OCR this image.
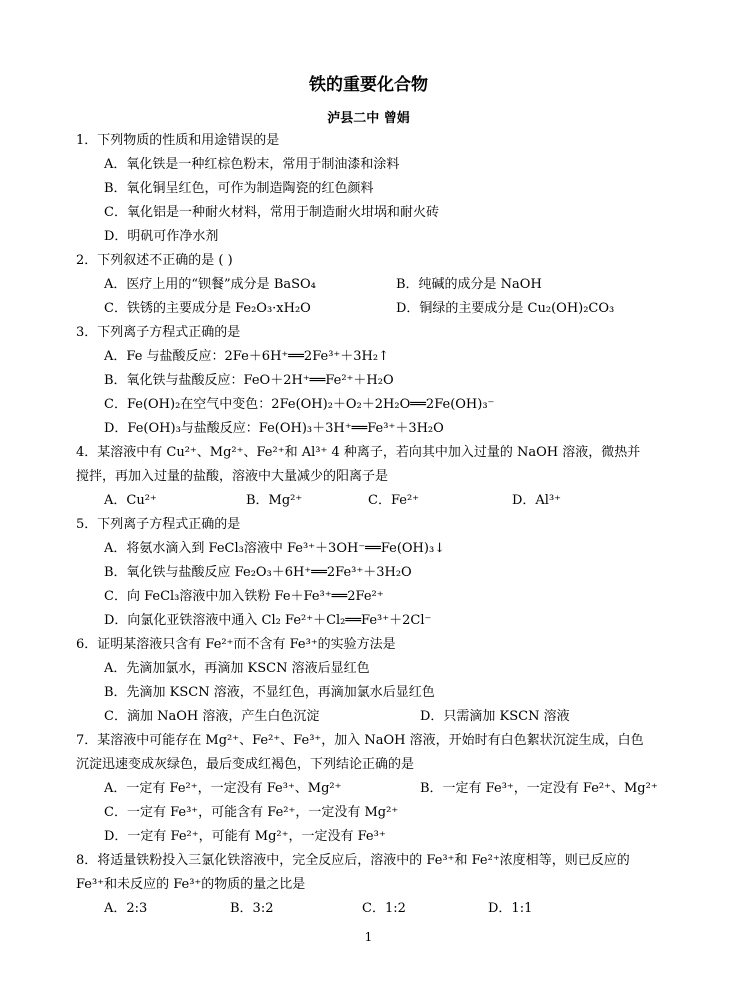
铁的重要化合物
泸县二中 曾娟
1．下列物质的性质和用途错误的是
A．氧化铁是一种红棕色粉末，常用于制油漆和涂料
B．氧化铜呈红色，可作为制造陶瓷的红色颜料
C．氧化铝是一种耐火材料，常用于制造耐火坩埚和耐火砖
D．明矾可作净水剂
2．下列叙述不正确的是 ( )
A．医疗上用的“钡餐”成分是 BaSO₄	B．纯碱的成分是 NaOH
C．铁锈的主要成分是 Fe₂O₃·xH₂O	D．铜绿的主要成分是 Cu₂(OH)₂CO₃
3．下列离子方程式正确的是
A．Fe 与盐酸反应：2Fe＋6H⁺══2Fe³⁺＋3H₂↑
B．氧化铁与盐酸反应：FeO＋2H⁺══Fe²⁺＋H₂O
C．Fe(OH)₂在空气中变色：2Fe(OH)₂＋O₂＋2H₂O══2Fe(OH)₃⁻
D．Fe(OH)₃与盐酸反应：Fe(OH)₃＋3H⁺══Fe³⁺＋3H₂O
4．某溶液中有 Cu²⁺、Mg²⁺、Fe²⁺和 Al³⁺ 4 种离子，若向其中加入过量的 NaOH 溶液，微热并
搅拌，再加入过量的盐酸，溶液中大量减少的阳离子是
A．Cu²⁺	B．Mg²⁺	C．Fe²⁺	D．Al³⁺
5．下列离子方程式正确的是
A．将氨水滴入到 FeCl₃溶液中 Fe³⁺＋3OH⁻══Fe(OH)₃↓
B．氧化铁与盐酸反应 Fe₂O₃＋6H⁺══2Fe³⁺＋3H₂O
C．向 FeCl₃溶液中加入铁粉 Fe＋Fe³⁺══2Fe²⁺
D．向氯化亚铁溶液中通入 Cl₂ Fe²⁺＋Cl₂══Fe³⁺＋2Cl⁻
6．证明某溶液只含有 Fe²⁺而不含有 Fe³⁺的实验方法是
A．先滴加氯水，再滴加 KSCN 溶液后显红色
B．先滴加 KSCN 溶液，不显红色，再滴加氯水后显红色
C．滴加 NaOH 溶液，产生白色沉淀	D．只需滴加 KSCN 溶液
7．某溶液中可能存在 Mg²⁺、Fe²⁺、Fe³⁺，加入 NaOH 溶液，开始时有白色絮状沉淀生成，白色
沉淀迅速变成灰绿色，最后变成红褐色，下列结论正确的是
A．一定有 Fe²⁺，一定没有 Fe³⁺、Mg²⁺	B．一定有 Fe³⁺，一定没有 Fe²⁺、Mg²⁺
C．一定有 Fe³⁺，可能含有 Fe²⁺，一定没有 Mg²⁺
D．一定有 Fe²⁺，可能有 Mg²⁺，一定没有 Fe³⁺
8．将适量铁粉投入三氯化铁溶液中，完全反应后，溶液中的 Fe³⁺和 Fe²⁺浓度相等，则已反应的
Fe³⁺和未反应的 Fe³⁺的物质的量之比是
A．2:3	B．3:2	C．1:2	D．1:1
1
